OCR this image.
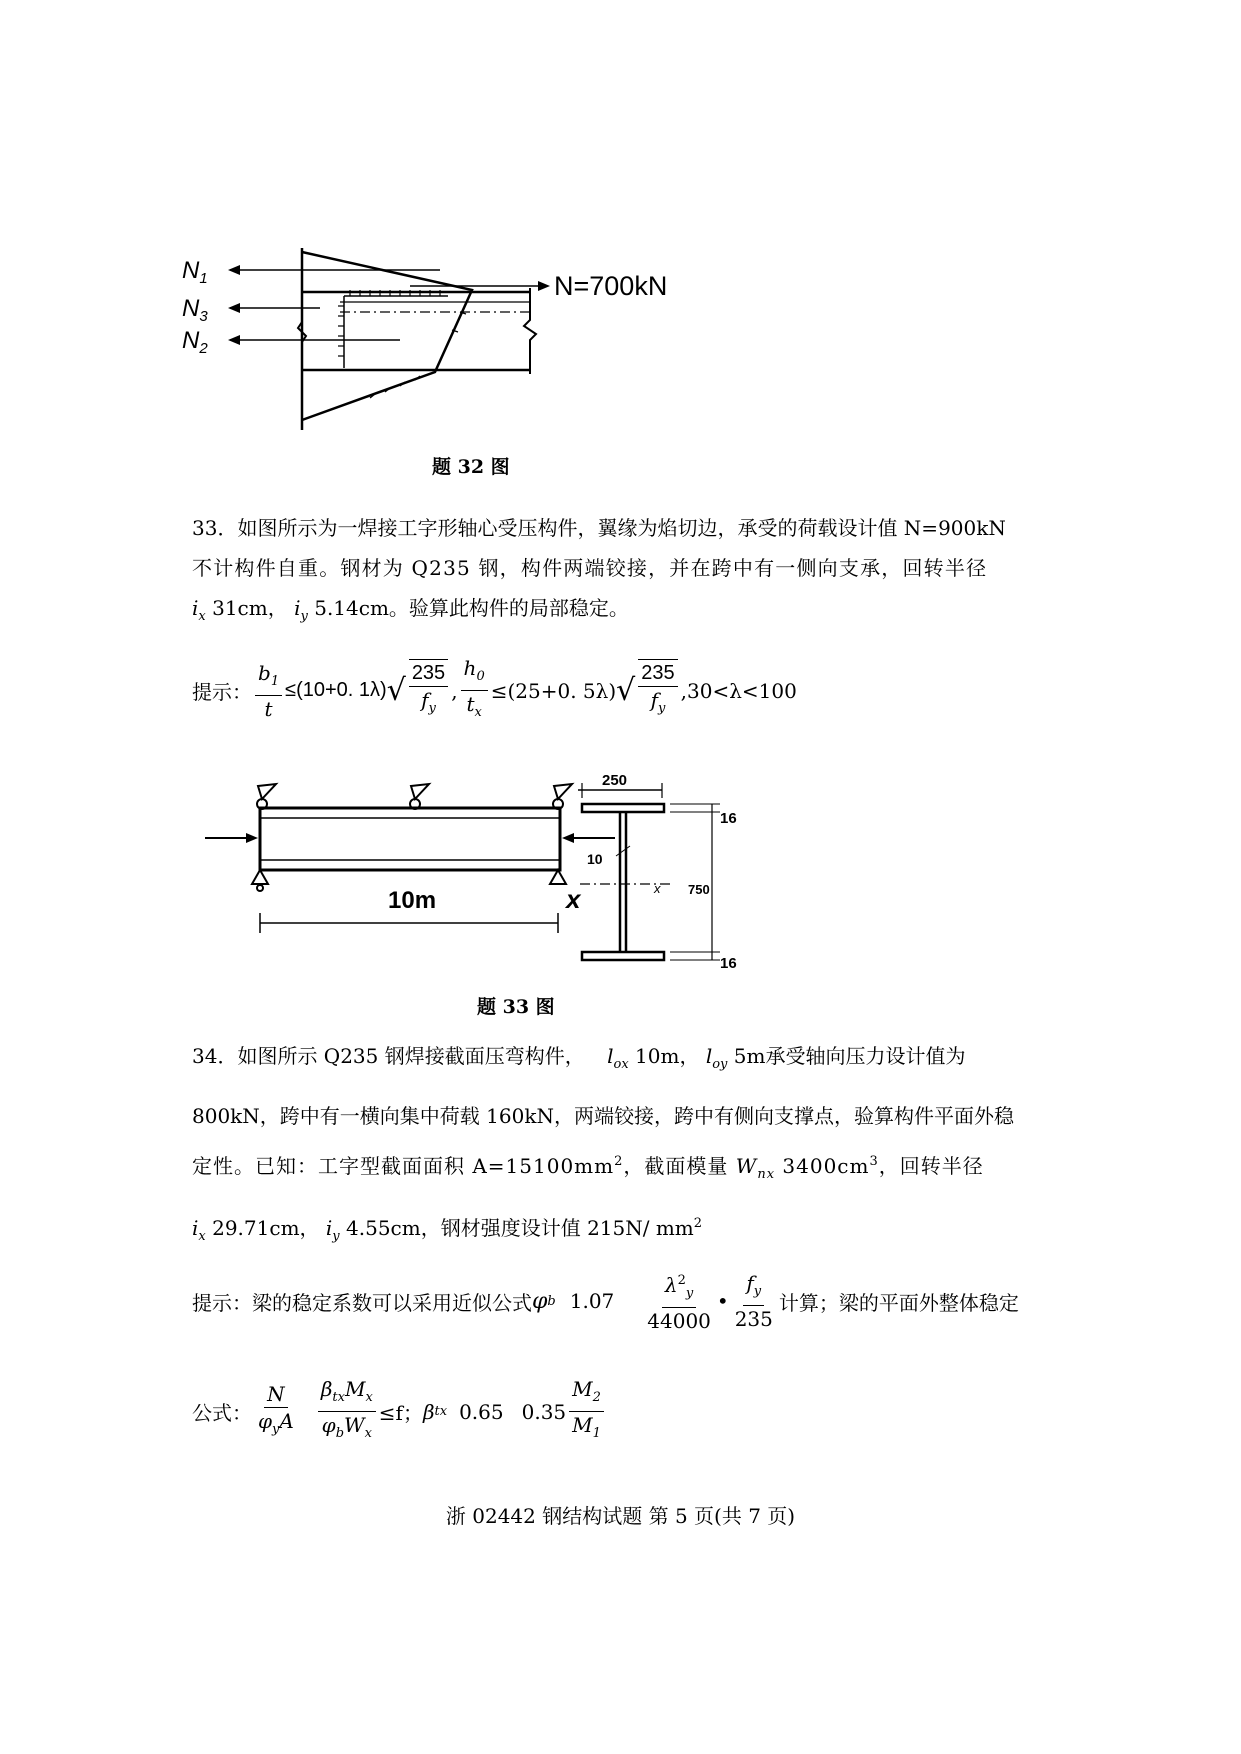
$N_1$
$N_3$
$N_2$
N=700kN
题 32 图
33．如图所示为一焊接工字形轴心受压构件，翼缘为焰切边，承受的荷载设计值 N=900kN
不计构件自重。钢材为 Q235 钢，构件两端铰接，并在跨中有一侧向支承，回转半径
$i_x$ 31cm， $i_y$ 5.14cm。验算此构件的局部稳定。
提示： $\frac{b_1}{t} \le(10+0$. 1λ) √ $\frac{235}{f_y}$ , $\frac{h_0}{t_x} \le(25+0$. 5λ) √ $\frac{235}{f_y} ,30<\lambda<100$
10m
250
16
16
750
10
x	x
题 33 图
34．如图所示 Q235 钢焊接截面压弯构件， $l_{ox}$ 10m， $l_{oy}$ 5m承受轴向压力设计值为
800kN，跨中有一横向集中荷载 160kN，两端铰接，跨中有侧向支撑点，验算构件平面外稳
定性。已知：工字型截面面积 $A=15100mm^2$，截面模量 $W_{nx}$ $3400cm^3$，回转半径
$i_x$ 29.71cm， $i_y$ 4.55cm，钢材强度设计值 215N/ $mm^2$
提示：梁的稳定系数可以采用近似公式 φ b $1.07 \frac{\lambda^2_y}{44000}$ • $\frac{f_y}{235}$ 计算；梁的平面外整体稳定
公式： $\frac{N}{\varphi_yA} \frac{\beta_{tx}M_x}{\varphi_bW_x} \le f$； β tx 0.65 $0.35 \frac{M_2}{M_1}$
浙 02442 钢结构试题 第 5 页(共 7 页)
